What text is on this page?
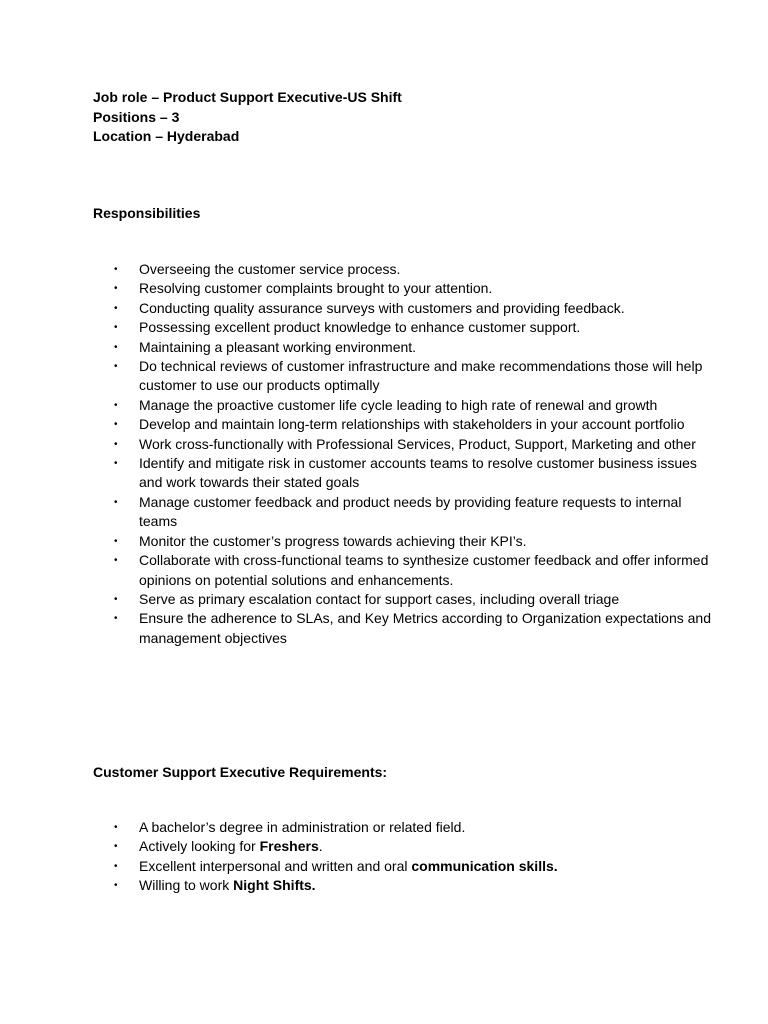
Job role – Product Support Executive-US Shift
Positions – 3
Location – Hyderabad
Responsibilities
• Overseeing the customer service process.
• Resolving customer complaints brought to your attention.
• Conducting quality assurance surveys with customers and providing feedback.
• Possessing excellent product knowledge to enhance customer support.
• Maintaining a pleasant working environment.
• Do technical reviews of customer infrastructure and make recommendations those will help customer to use our products optimally
• Manage the proactive customer life cycle leading to high rate of renewal and growth
• Develop and maintain long-term relationships with stakeholders in your account portfolio
• Work cross-functionally with Professional Services, Product, Support, Marketing and other
• Identify and mitigate risk in customer accounts teams to resolve customer business issues and work towards their stated goals
• Manage customer feedback and product needs by providing feature requests to internal teams
• Monitor the customer’s progress towards achieving their KPI’s.
• Collaborate with cross-functional teams to synthesize customer feedback and offer informed opinions on potential solutions and enhancements.
• Serve as primary escalation contact for support cases, including overall triage
• Ensure the adherence to SLAs, and Key Metrics according to Organization expectations and management objectives
Customer Support Executive Requirements:
• A bachelor’s degree in administration or related field.
• Actively looking for Freshers.
• Excellent interpersonal and written and oral communication skills.
• Willing to work Night Shifts.
